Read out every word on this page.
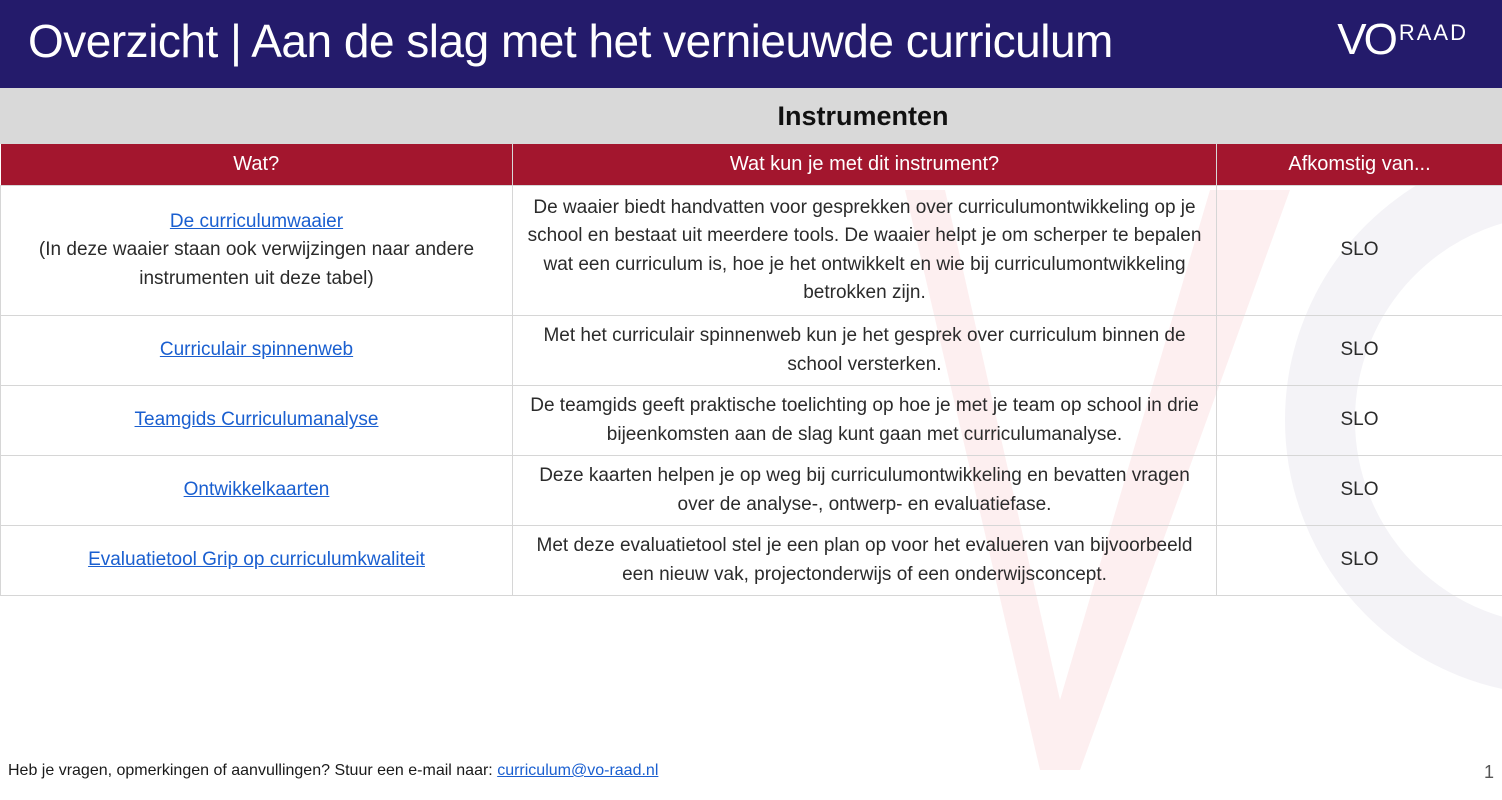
Overzicht | Aan de slag met het vernieuwde curriculum	VO RAAD
Instrumenten
Wat?	Wat kun je met dit instrument?	Afkomstig van...
De curriculumwaaier
(In deze waaier staan ook verwijzingen naar andere instrumenten uit deze tabel)	De waaier biedt handvatten voor gesprekken over curriculumontwikkeling op je school en bestaat uit meerdere tools. De waaier helpt je om scherper te bepalen wat een curriculum is, hoe je het ontwikkelt en wie bij curriculumontwikkeling betrokken zijn.	SLO
Curriculair spinnenweb	Met het curriculair spinnenweb kun je het gesprek over curriculum binnen de school versterken.	SLO
Teamgids Curriculumanalyse	De teamgids geeft praktische toelichting op hoe je met je team op school in drie bijeenkomsten aan de slag kunt gaan met curriculumanalyse.	SLO
Ontwikkelkaarten	Deze kaarten helpen je op weg bij curriculumontwikkeling en bevatten vragen over de analyse-, ontwerp- en evaluatiefase.	SLO
Evaluatietool Grip op curriculumkwaliteit	Met deze evaluatietool stel je een plan op voor het evalueren van bijvoorbeeld een nieuw vak, projectonderwijs of een onderwijsconcept.	SLO
Heb je vragen, opmerkingen of aanvullingen? Stuur een e-mail naar: curriculum@vo-raad.nl	1
